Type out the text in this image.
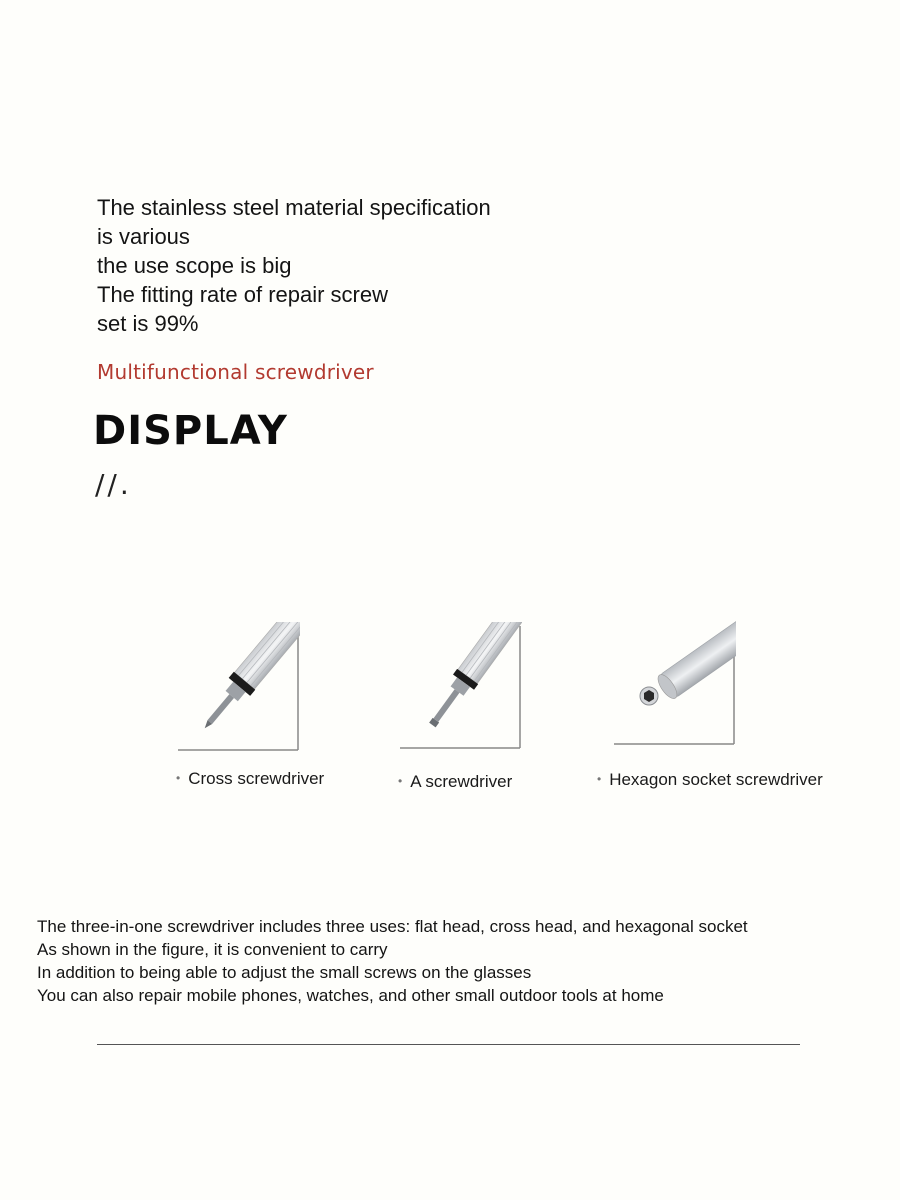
The stainless steel material specification
is various
the use scope is big
The fitting rate of repair screw
set is 99%
Multifunctional screwdriver
DISPLAY
//.
• Cross screwdriver	• A screwdriver	• Hexagon socket screwdriver
The three-in-one screwdriver includes three uses: flat head, cross head, and hexagonal socket
As shown in the figure, it is convenient to carry
In addition to being able to adjust the small screws on the glasses
You can also repair mobile phones, watches, and other small outdoor tools at home
